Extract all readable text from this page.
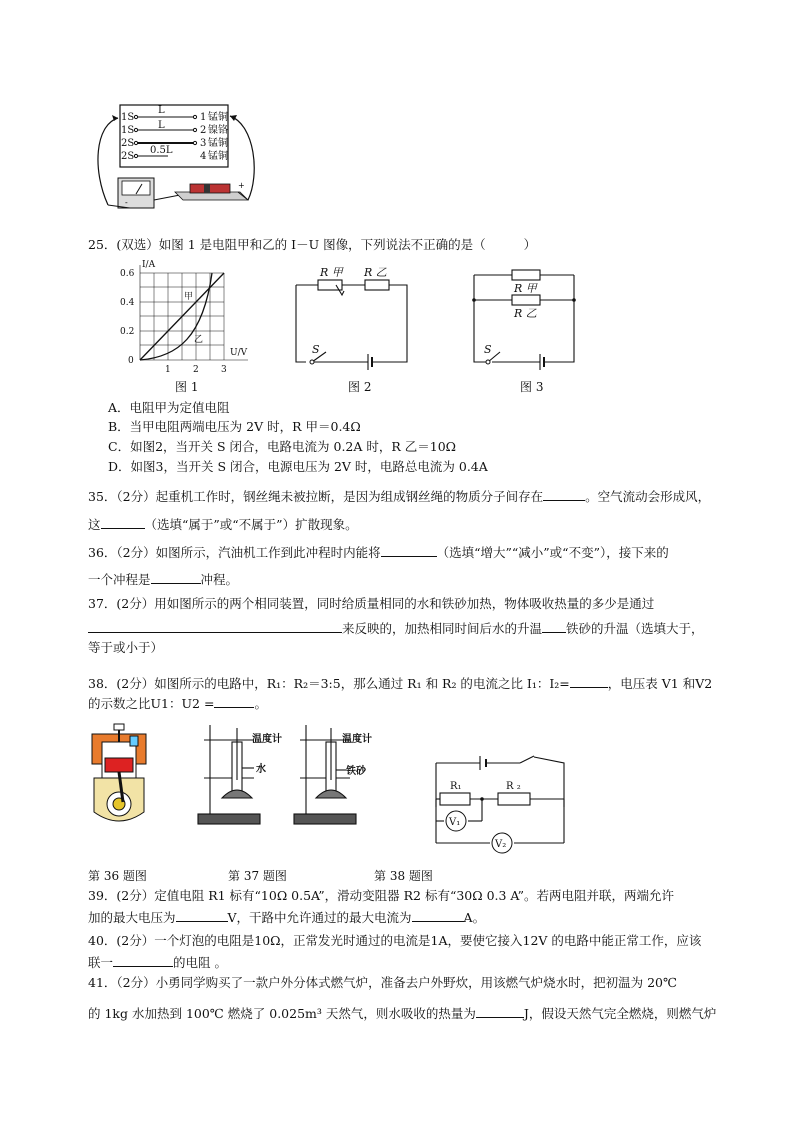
1S
1S
2S
2S
L
L
0.5L
1
2
3
4
锰铜
镍铬
锰铜
锰铜
-
+
25．(双选）如图 1 是电阻甲和乙的 I－U 图像，下列说法不正确的是（	）
I/A
U/V
0.6
0.4
0.2
0
1 2 3
甲
乙
图 1
R 甲 R 乙
S
图 2
R 甲
R 乙
S
图 3
A．电阻甲为定值电阻
B．当甲电阻两端电压为 2V 时，R 甲＝0.4Ω
C．如图2，当开关 S 闭合，电路电流为 0.2A 时，R 乙＝10Ω
D．如图3，当开关 S 闭合，电源电压为 2V 时，电路总电流为 0.4A
35．（2分）起重机工作时，钢丝绳未被拉断，是因为组成钢丝绳的物质分子间存在	。空气流动会形成风，
这	（选填“属于”或“不属于”）扩散现象。
36．（2分）如图所示，汽油机工作到此冲程时内能将	（选填“增大”“减小”或“不变”），接下来的
一个冲程是	冲程。
37．(2分）用如图所示的两个相同装置，同时给质量相同的水和铁砂加热，物体吸收热量的多少是通过
来反映的，加热相同时间后水的升温 铁砂的升温（选填大于，
等于或小于）
38．(2分）如图所示的电路中，R₁：R₂＝3:5，那么通过 R₁ 和 R₂ 的电流之比 I₁：I₂=	，电压表 V1 和V2
的示数之比U1：U2 =	。
温度计
水
温度计
铁砂
R₁	R ₂
V₁
V₂
第 36 题图	第 37 题图	第 38 题图
39．(2分）定值电阻 R1 标有“10Ω 0.5A”，滑动变阻器 R2 标有“30Ω 0.3 A”。若两电阻并联，两端允许
加的最大电压为	V，干路中允许通过的最大电流为	A。
40．(2分）一个灯泡的电阻是10Ω，正常发光时通过的电流是1A，要使它接入12V 的电路中能正常工作，应该
联一	的电阻 。
41．（2分）小勇同学购买了一款户外分体式燃气炉，准备去户外野炊，用该燃气炉烧水时，把初温为 20℃
的 1kg 水加热到 100℃ 燃烧了 0.025m³ 天然气，则水吸收的热量为	J，假设天然气完全燃烧，则燃气炉
